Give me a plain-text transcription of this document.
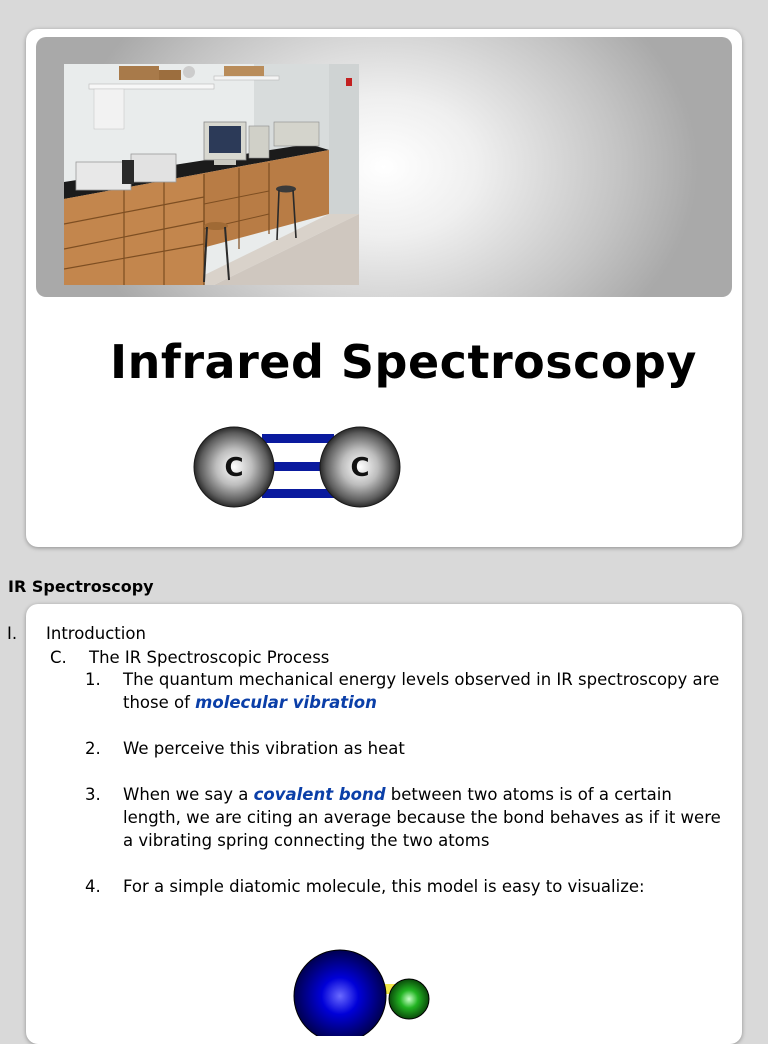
Infrared Spectroscopy
C	C
IR Spectroscopy
I. Introduction
C. The IR Spectroscopic Process
1. The quantum mechanical energy levels observed in IR spectroscopy are
those of molecular vibration
2. We perceive this vibration as heat
3. When we say a covalent bond between two atoms is of a certain
length, we are citing an average because the bond behaves as if it were
a vibrating spring connecting the two atoms
4. For a simple diatomic molecule, this model is easy to visualize:
